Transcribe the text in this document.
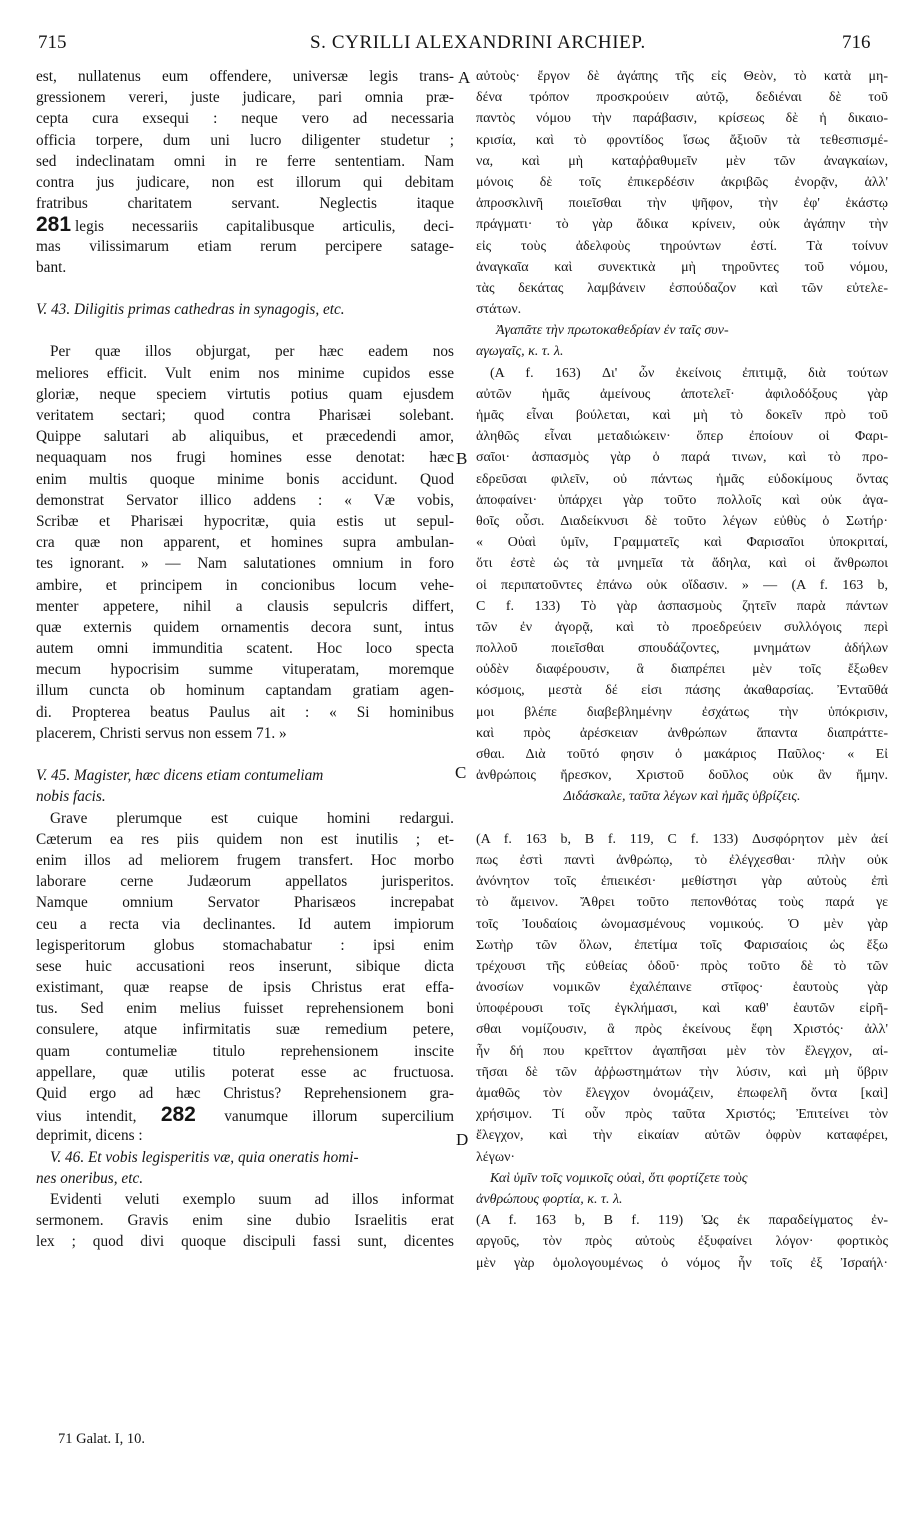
715	S. CYRILLI ALEXANDRINI ARCHIEP.	716
A
B
C
D
est, nullatenus eum offendere, universæ legis trans-
gressionem vereri, juste judicare, pari omnia præ-
cepta cura exsequi : neque vero ad necessaria
officia torpere, dum uni lucro diligenter studetur ;
sed indeclinatam omni in re ferre sententiam. Nam
contra jus judicare, non est illorum qui debitam
fratribus charitatem servant. Neglectis itaque
281 legis necessariis capitalibusque articulis, deci-
mas vilissimarum etiam rerum percipere satage-
bant.
V. 43. Diligitis primas cathedras in synagogis, etc.
Per quæ illos objurgat, per hæc eadem nos
meliores efficit. Vult enim nos minime cupidos esse
gloriæ, neque speciem virtutis potius quam ejusdem
veritatem sectari; quod contra Pharisæi solebant.
Quippe salutari ab aliquibus, et præcedendi amor,
nequaquam nos frugi homines esse denotat: hæc
enim multis quoque minime bonis accidunt. Quod
demonstrat Servator illico addens : « Væ vobis,
Scribæ et Pharisæi hypocritæ, quia estis ut sepul-
cra quæ non apparent, et homines supra ambulan-
tes ignorant. » — Nam salutationes omnium in foro
ambire, et principem in concionibus locum vehe-
menter appetere, nihil a clausis sepulcris differt,
quæ externis quidem ornamentis decora sunt, intus
autem omni immunditia scatent. Hoc loco specta
mecum hypocrisim summe vituperatam, moremque
illum cuncta ob hominum captandam gratiam agen-
di. Propterea beatus Paulus ait : « Si hominibus
placerem, Christi servus non essem 71. »
V. 45. Magister, hæc dicens etiam contumeliam
nobis facis.
Grave plerumque est cuique homini redargui.
Cæterum ea res piis quidem non est inutilis ; et-
enim illos ad meliorem frugem transfert. Hoc morbo
laborare cerne Judæorum appellatos jurisperitos.
Namque omnium Servator Pharisæos increpabat
ceu a recta via declinantes. Id autem impiorum
legisperitorum globus stomachabatur : ipsi enim
sese huic accusationi reos inserunt, sibique dicta
existimant, quæ reapse de ipsis Christus erat effa-
tus. Sed enim melius fuisset reprehensionem boni
consulere, atque infirmitatis suæ remedium petere,
quam contumeliæ titulo reprehensionem inscite
appellare, quæ utilis poterat esse ac fructuosa.
Quid ergo ad hæc Christus? Reprehensionem gra-
vius intendit, 282 vanumque illorum supercilium
deprimit, dicens :
V. 46. Et vobis legisperitis væ, quia oneratis homi-
nes oneribus, etc.
Evidenti veluti exemplo suum ad illos informat
sermonem. Gravis enim sine dubio Israelitis erat
lex ; quod divi quoque discipuli fassi sunt, dicentes
αὐτοὺς· ἔργον δὲ ἀγάπης τῆς εἰς Θεὸν, τὸ κατὰ μη-
δένα τρόπον προσκρούειν αὐτῷ, δεδιέναι δὲ τοῦ
παντὸς νόμου τὴν παράβασιν, κρίσεως δὲ ἡ δικαιο-
κρισία, καὶ τὸ φροντίδος ἴσως ἄξιοῦν τὰ τεθεσπισμέ-
να, καὶ μὴ καταῤῥαθυμεῖν μὲν τῶν ἀναγκαίων,
μόνοις δὲ τοῖς ἐπικερδέσιν ἀκριβῶς ἐνορᾷν, ἀλλ'
ἀπροσκλινῆ ποιεῖσθαι τὴν ψῆφον, τὴν ἐφ' ἑκάστῳ
πράγματι· τὸ γὰρ ἄδικα κρίνειν, οὐκ ἀγάπην τὴν
εἰς τοὺς ἀδελφοὺς τηρούντων ἐστί. Τὰ τοίνυν
ἀναγκαῖα καὶ συνεκτικὰ μὴ τηροῦντες τοῦ νόμου,
τὰς δεκάτας λαμβάνειν ἐσπούδαζον καὶ τῶν εὐτελε-
στάτων.
Ἀγαπᾶτε τὴν πρωτοκαθεδρίαν ἐν ταῖς συν-
αγωγαῖς, κ. τ. λ.
(A f. 163) Δι' ὧν ἐκείνοις ἐπιτιμᾷ, διὰ τούτων
αὐτῶν ἡμᾶς ἀμείνους ἀποτελεῖ· ἀφιλοδόξους γὰρ
ἡμᾶς εἶναι βούλεται, καὶ μὴ τὸ δοκεῖν πρὸ τοῦ
ἀληθῶς εἶναι μεταδιώκειν· ὅπερ ἐποίουν οἱ Φαρι-
σαῖοι· ἀσπασμὸς γὰρ ὁ παρά τινων, καὶ τὸ προ-
εδρεῦσαι φιλεῖν, οὐ πάντως ἡμᾶς εὐδοκίμους ὄντας
ἀποφαίνει· ὑπάρχει γὰρ τοῦτο πολλοῖς καὶ οὐκ ἀγα-
θοῖς οὖσι. Διαδείκνυσι δὲ τοῦτο λέγων εὐθὺς ὁ Σωτήρ·
« Οὐαὶ ὑμῖν, Γραμματεῖς καὶ Φαρισαῖοι ὑποκριταί,
ὅτι ἐστὲ ὡς τὰ μνημεῖα τὰ ἄδηλα, καὶ οἱ ἄνθρωποι
οἱ περιπατοῦντες ἐπάνω οὐκ οἴδασιν. » — (A f. 163 b,
C f. 133) Τὸ γὰρ ἀσπασμοὺς ζητεῖν παρὰ πάντων
τῶν ἐν ἀγορᾷ, καὶ τὸ προεδρεύειν συλλόγοις περὶ
πολλοῦ ποιεῖσθαι σπουδάζοντες, μνημάτων ἀδήλων
οὐδὲν διαφέρουσιν, ἃ διαπρέπει μὲν τοῖς ἔξωθεν
κόσμοις, μεστὰ δέ εἰσι πάσης ἀκαθαρσίας. Ἐνταῦθά
μοι βλέπε διαβεβλημένην ἐσχάτως τὴν ὑπόκρισιν,
καὶ πρὸς ἀρέσκειαν ἀνθρώπων ἅπαντα διαπράττε-
σθαι. Διὰ τοῦτό φησιν ὁ μακάριος Παῦλος· « Εἰ
ἀνθρώποις ἤρεσκον, Χριστοῦ δοῦλος οὐκ ἂν ἤμην.
Διδάσκαλε, ταῦτα λέγων καὶ ἡμᾶς ὑβρίζεις.
(A f. 163 b, B f. 119, C f. 133) Δυσφόρητον μὲν ἀεί
πως ἐστὶ παντὶ ἀνθρώπῳ, τὸ ἐλέγχεσθαι· πλὴν οὐκ
ἀνόνητον τοῖς ἐπιεικέσι· μεθίστησι γὰρ αὐτοὺς ἐπὶ
τὸ ἄμεινον. Ἄθρει τοῦτο πεπονθότας τοὺς παρά γε
τοῖς Ἰουδαίοις ὠνομασμένους νομικούς. Ὁ μὲν γὰρ
Σωτὴρ τῶν ὅλων, ἐπετίμα τοῖς Φαρισαίοις ὡς ἔξω
τρέχουσι τῆς εὐθείας ὁδοῦ· πρὸς τοῦτο δὲ τὸ τῶν
ἀνοσίων νομικῶν ἐχαλέπαινε στῖφος· ἑαυτοὺς γὰρ
ὑποφέρουσι τοῖς ἐγκλήμασι, καὶ καθ' ἑαυτῶν εἰρῆ-
σθαι νομίζουσιν, ἃ πρὸς ἐκείνους ἔφη Χριστός· ἀλλ'
ἦν δή που κρεῖττον ἀγαπῆσαι μὲν τὸν ἔλεγχον, αἰ-
τῆσαι δὲ τῶν ἀῤῥωστημάτων τὴν λύσιν, καὶ μὴ ὕβριν
ἀμαθῶς τὸν ἔλεγχον ὀνομάζειν, ἐπωφελῆ ὄντα [καὶ]
χρήσιμον. Τί οὖν πρὸς ταῦτα Χριστός; Ἐπιτείνει τὸν
ἔλεγχον, καὶ τὴν εἰκαίαν αὐτῶν ὀφρὺν καταφέρει,
λέγων·
Καὶ ὑμῖν τοῖς νομικοῖς οὐαὶ, ὅτι φορτίζετε τοὺς
ἀνθρώπους φορτία, κ. τ. λ.
(A f. 163 b, B f. 119) Ὡς ἐκ παραδείγματος ἐν-
αργοῦς, τὸν πρὸς αὐτοὺς ἐξυφαίνει λόγον· φορτικὸς
μὲν γὰρ ὁμολογουμένως ὁ νόμος ἦν τοῖς ἐξ Ἰσραήλ·
71 Galat. I, 10.
